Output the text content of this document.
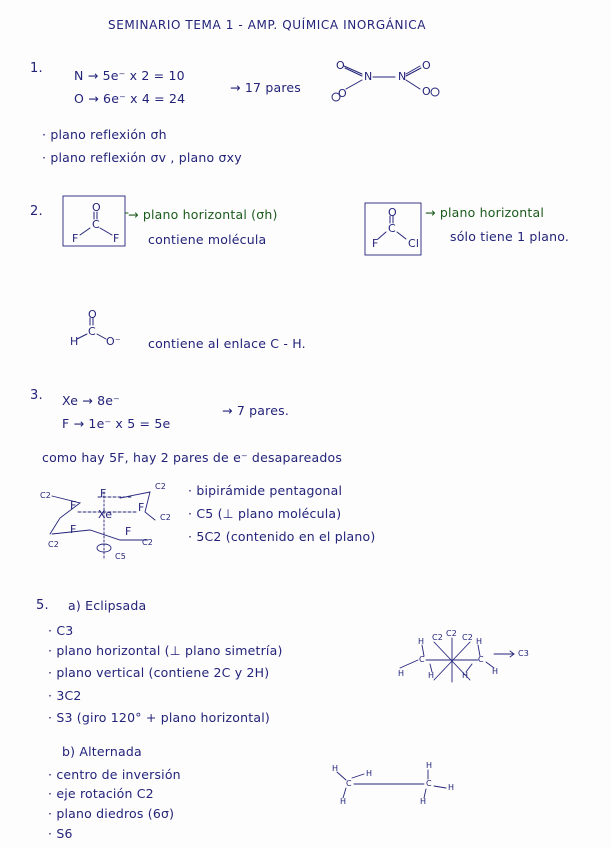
SEMINARIO TEMA 1 - AMP. QUÍMICA INORGÁNICA
1. N → 5e⁻ x 2 = 10
O → 6e⁻ x 4 = 24
→ 17 pares
· plano reflexión σh
· plano reflexión σv , plano σxy
O
O
N N
O
O
2.	O
C
F	F
→ plano horizontal (σh)
contiene molécula
O
C
F	Cl
→ plano horizontal
sólo tiene 1 plano.
O
C
H	O⁻ contiene al enlace C - H.
3. Xe → 8e⁻
F → 1e⁻ x 5 = 5e
→ 7 pares.
como hay 5F, hay 2 pares de e⁻ desapareados
Xe
F	F
F	F
F
C2
C2
C2
C2	C2
C5
· bipirámide pentagonal
· C5 (⊥ plano molécula)
· 5C2 (contenido en el plano)
5. a) Eclipsada
· C3
· plano horizontal (⊥ plano simetría)
· plano vertical (contiene 2C y 2H)
· 3C2
· S3 (giro 120° + plano horizontal)
H C2 C2 C2 H
C	C
H	H	H	H
C3
b) Alternada
· centro de inversión
· eje rotación C2
· plano diedros (6σ)
· S6
H
H
C
H
H
C H
H
